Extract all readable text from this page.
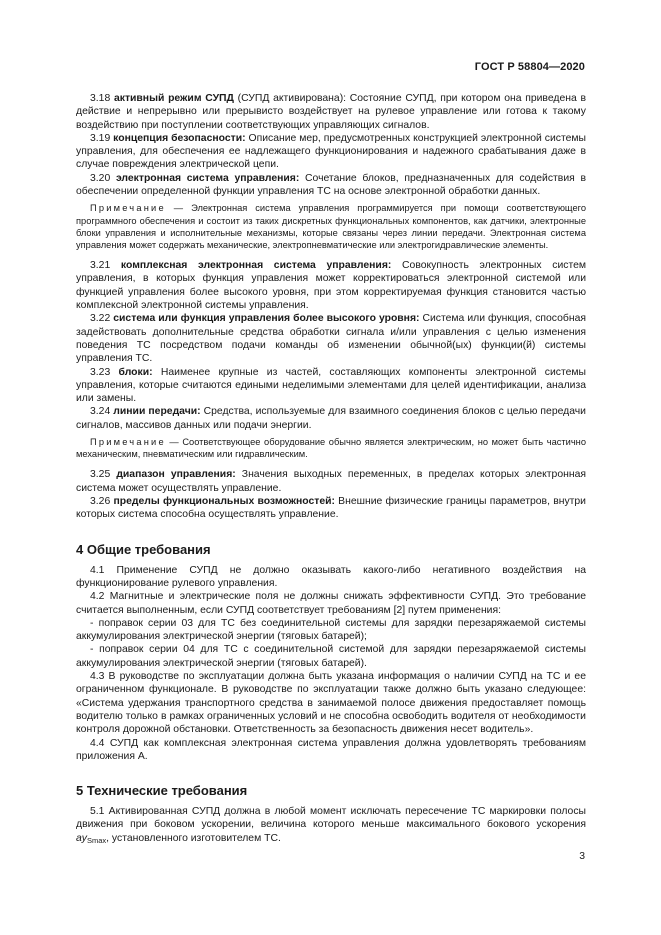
ГОСТ Р 58804—2020

3.18 активный режим СУПД (СУПД активирована): Состояние СУПД, при котором она приведена в действие и непрерывно или прерывисто воздействует на рулевое управление или готова к такому воздействию при поступлении соответствующих управляющих сигналов.

3.19 концепция безопасности: Описание мер, предусмотренных конструкцией электронной системы управления, для обеспечения ее надлежащего функционирования и надежного срабатывания даже в случае повреждения электрической цепи.

3.20 электронная система управления: Сочетание блоков, предназначенных для содействия в обеспечении определенной функции управления ТС на основе электронной обработки данных.

Примечание — Электронная система управления программируется при помощи соответствующего программного обеспечения и состоит из таких дискретных функциональных компонентов, как датчики, электронные блоки управления и исполнительные механизмы, которые связаны через линии передачи. Электронная система управления может содержать механические, электропневматические или электрогидравлические элементы.

3.21 комплексная электронная система управления: Совокупность электронных систем управления, в которых функция управления может корректироваться электронной системой или функцией управления более высокого уровня, при этом корректируемая функция становится частью комплексной электронной системы управления.

3.22 система или функция управления более высокого уровня: Система или функция, способная задействовать дополнительные средства обработки сигнала и/или управления с целью изменения поведения ТС посредством подачи команды об изменении обычной(ых) функции(й) системы управления ТС.

3.23 блоки: Наименее крупные из частей, составляющих компоненты электронной системы управления, которые считаются едиными неделимыми элементами для целей идентификации, анализа или замены.

3.24 линии передачи: Средства, используемые для взаимного соединения блоков с целью передачи сигналов, массивов данных или подачи энергии.

Примечание — Соответствующее оборудование обычно является электрическим, но может быть частично механическим, пневматическим или гидравлическим.

3.25 диапазон управления: Значения выходных переменных, в пределах которых электронная система может осуществлять управление.

3.26 пределы функциональных возможностей: Внешние физические границы параметров, внутри которых система способна осуществлять управление.

4 Общие требования

4.1 Применение СУПД не должно оказывать какого-либо негативного воздействия на функционирование рулевого управления.

4.2 Магнитные и электрические поля не должны снижать эффективности СУПД. Это требование считается выполненным, если СУПД соответствует требованиям [2] путем применения:

- поправок серии 03 для ТС без соединительной системы для зарядки перезаряжаемой системы аккумулирования электрической энергии (тяговых батарей);

- поправок серии 04 для ТС с соединительной системой для зарядки перезаряжаемой системы аккумулирования электрической энергии (тяговых батарей).

4.3 В руководстве по эксплуатации должна быть указана информация о наличии СУПД на ТС и ее ограниченном функционале. В руководстве по эксплуатации также должно быть указано следующее: «Система удержания транспортного средства в занимаемой полосе движения предоставляет помощь водителю только в рамках ограниченных условий и не способна освободить водителя от необходимости контроля дорожной обстановки. Ответственность за безопасность движения несет водитель».

4.4 СУПД как комплексная электронная система управления должна удовлетворять требованиям приложения А.

5 Технические требования

5.1 Активированная СУПД должна в любой момент исключать пересечение ТС маркировки полосы движения при боковом ускорении, величина которого меньше максимального бокового ускорения $ay_{Smax}$, установленного изготовителем ТС.

3
